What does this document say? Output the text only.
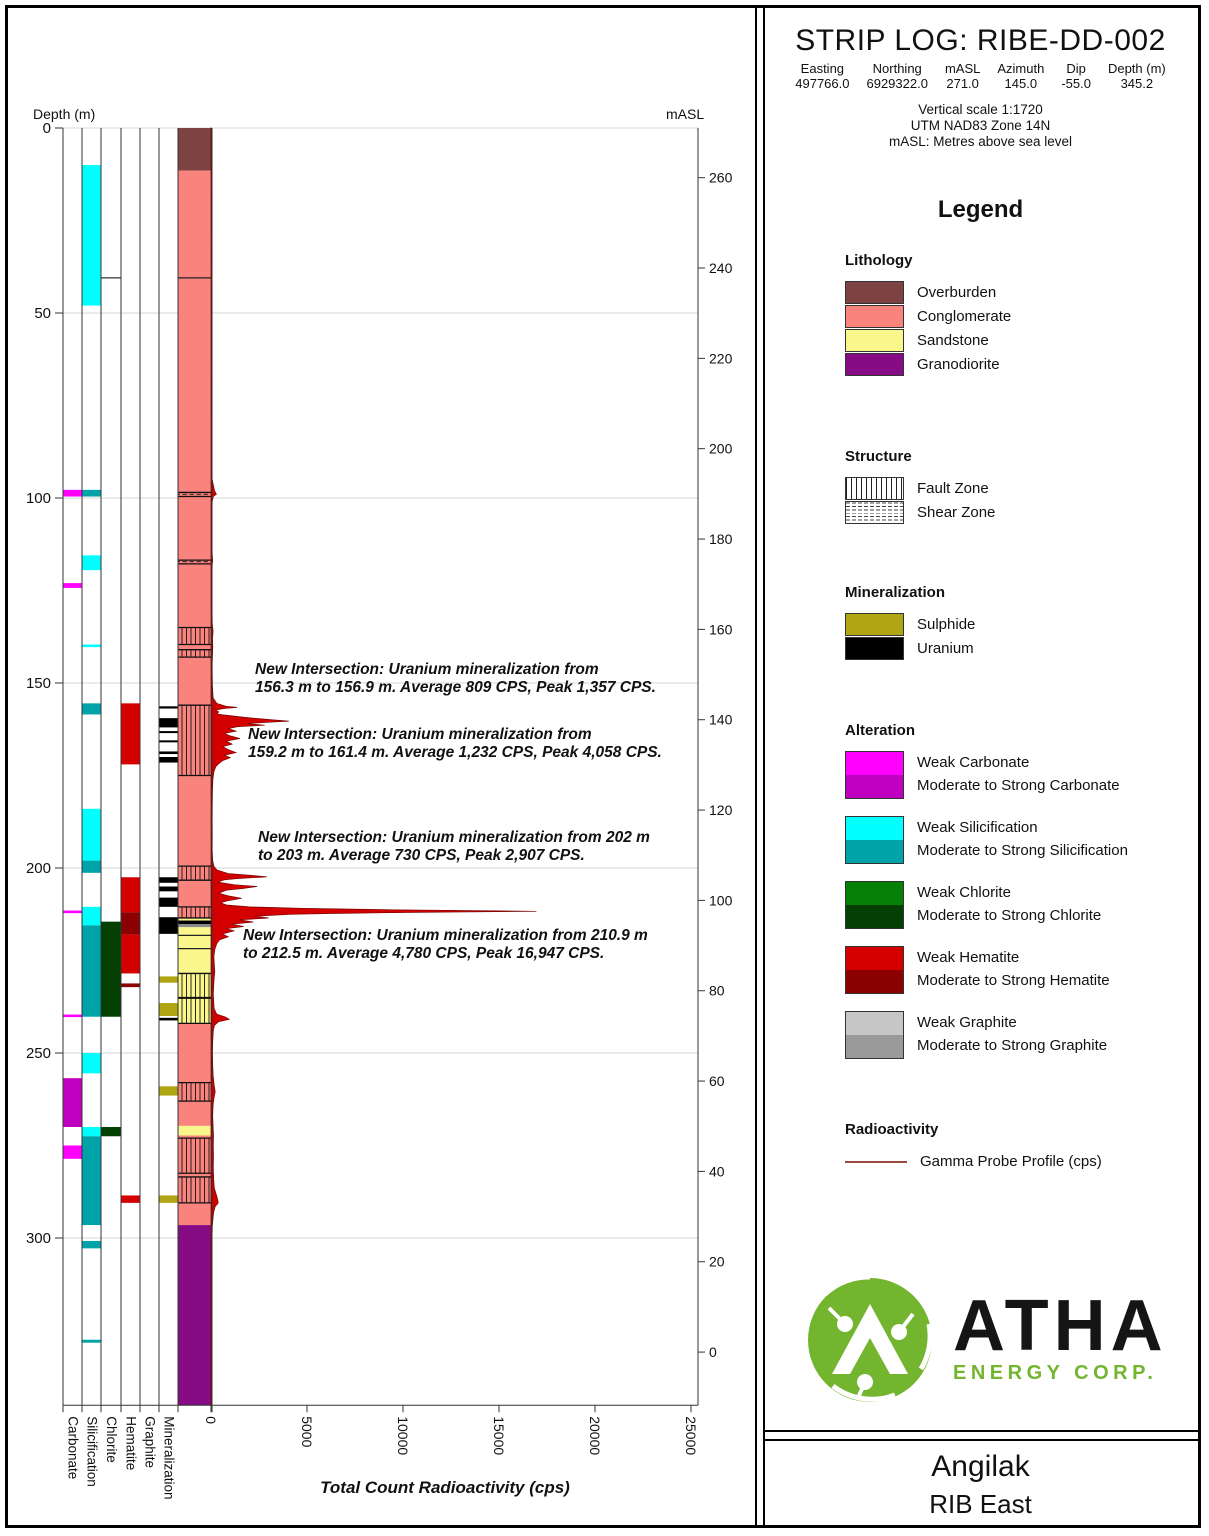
0
50
100
150
200
250
300
260
240
220
200
180
160
140
120
100
80
60
40
20
0
0	5000	10000	15000	20000	25000
Carbonate Silicification Chlorite Hematite Graphite Mineralization
Depth (m)	mASL
Total Count Radioactivity (cps)
New Intersection: Uranium mineralization from
156.3 m to 156.9 m. Average 809 CPS, Peak 1,357 CPS.
New Intersection: Uranium mineralization from
159.2 m to 161.4 m. Average 1,232 CPS, Peak 4,058 CPS.
New Intersection: Uranium mineralization from 202 m
to 203 m. Average 730 CPS, Peak 2,907 CPS.
New Intersection: Uranium mineralization from 210.9 m
to 212.5 m. Average 4,780 CPS, Peak 16,947 CPS.
STRIP LOG: RIBE-DD-002
Easting
497766.0
Northing
6929322.0
mASL
271.0
Azimuth
145.0
Dip
-55.0
Depth (m)
345.2
Vertical scale 1:1720
UTM NAD83 Zone 14N
mASL: Metres above sea level
Legend
Lithology
Overburden
Conglomerate
Sandstone
Granodiorite
Structure
Fault Zone
Shear Zone
Mineralization
Sulphide
Uranium
Alteration
Weak Carbonate
Moderate to Strong Carbonate
Weak Silicification
Moderate to Strong Silicification
Weak Chlorite
Moderate to Strong Chlorite
Weak Hematite
Moderate to Strong Hematite
Weak Graphite
Moderate to Strong Graphite
Radioactivity
Gamma Probe Profile (cps)
ATHA
ENERGY CORP.
Angilak
RIB East
